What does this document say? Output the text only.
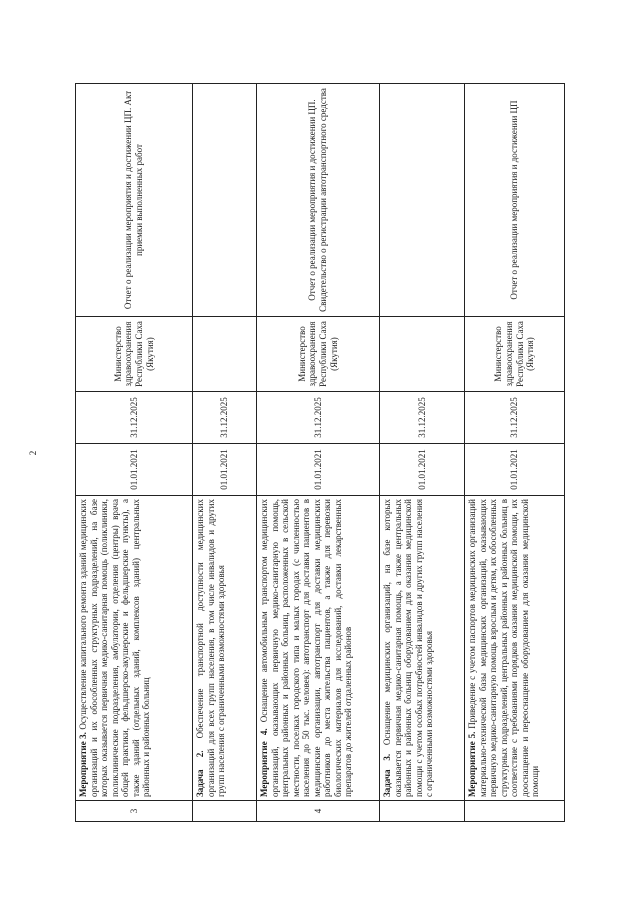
2
3	Мероприятие 3. Осуществление капитального ремонта зданий медицинских организаций и их обособленных структурных подразделений, на базе которых оказывается первичная медико-санитарная помощь (поликлиники, поликлинические подразделения, амбулатории, отделения (центры) врача общей практики, фельдшерско-акушерские и фельдшерские пункты), а также зданий (отдельных зданий, комплексов зданий) центральных районных и районных больниц	01.01.2021	31.12.2025	Министерство здравоохранения Республики Саха (Якутия)	Отчет о реализации мероприятия и достижении ЦП. Акт приемки выполненных работ
	Задача 2. Обеспечение транспортной доступности медицинских организаций для всех групп населения, в том числе инвалидов и других групп населения с ограниченными возможностями здоровья	01.01.2021	31.12.2025		
4	Мероприятие 4. Оснащение автомобильным транспортом медицинских организаций, оказывающих первичную медико-санитарную помощь, центральных районных и районных больниц, расположенных в сельской местности, поселках городского типа и малых городах (с численностью населения до 50 тыс. человек): автотранспорт для доставки пациентов в медицинские организации, автотранспорт для доставки медицинских работников до места жительства пациентов, а также для перевозки биологических материалов для исследований, доставки лекарственных препаратов до жителей отдаленных районов	01.01.2021	31.12.2025	Министерство здравоохранения Республики Саха (Якутия)	Отчет о реализации мероприятия и достижении ЦП. Свидетельство о регистрации автотранспортного средства
	Задача 3. Оснащение медицинских организаций, на базе которых оказывается первичная медико-санитарная помощь, а также центральных районных и районных больниц оборудованием для оказания медицинской помощи с учетом особых потребностей инвалидов и других групп населения с ограниченными возможностями здоровья	01.01.2021	31.12.2025		
	Мероприятие 5. Приведение с учетом паспортов медицинских организаций материально-технической базы медицинских организаций, оказывающих первичную медико-санитарную помощь взрослым и детям, их обособленных структурных подразделений, центральных районных и районных больниц в соответствие с требованиями порядков оказания медицинской помощи, их дооснащение и переоснащение оборудованием для оказания медицинской помощи	01.01.2021	31.12.2025	Министерство здравоохранения Республики Саха (Якутия)	Отчет о реализации мероприятия и достижении ЦП
